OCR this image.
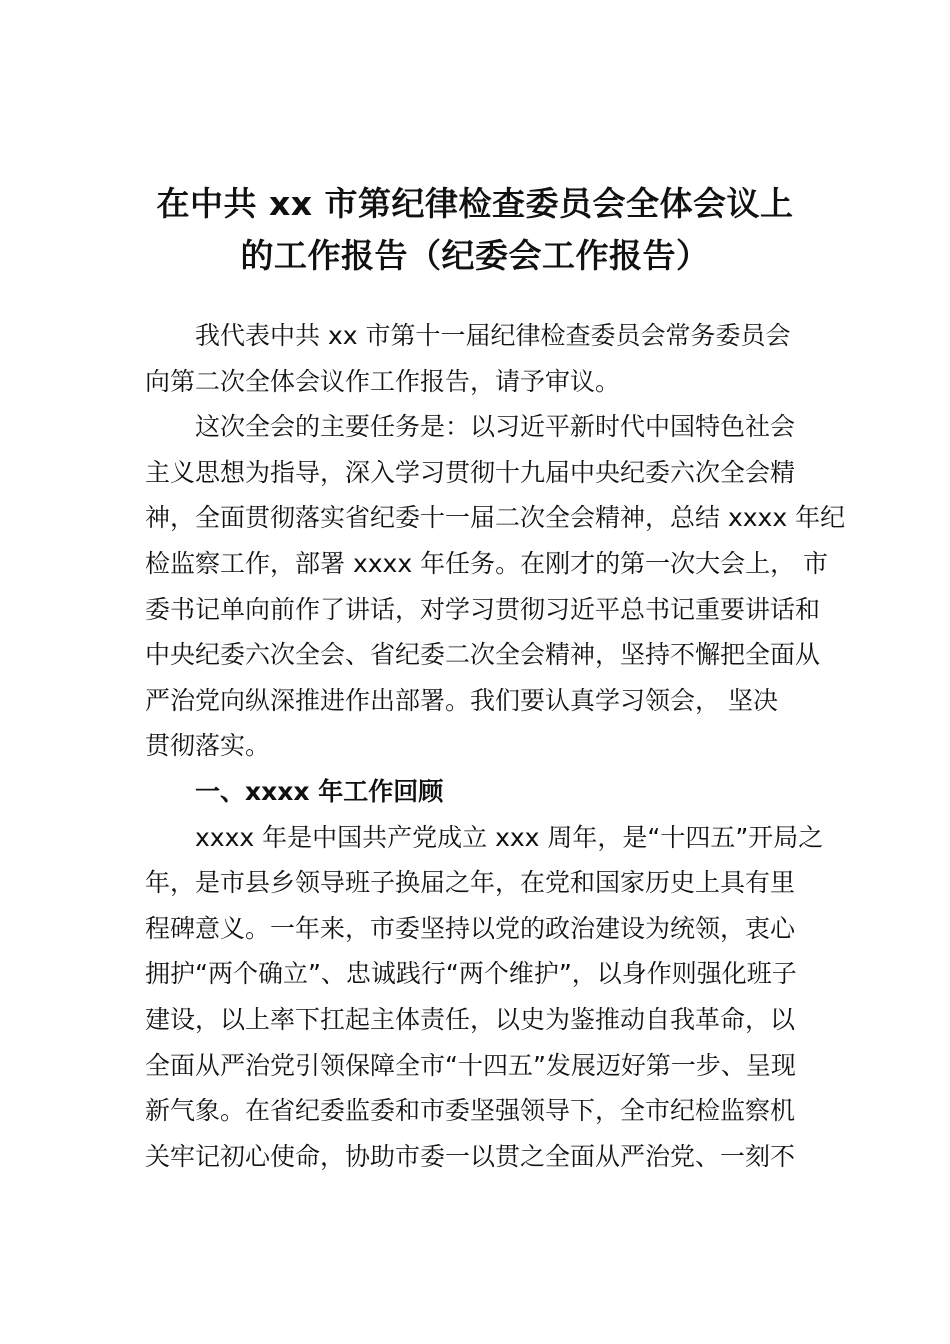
在中共 xx 市第纪律检查委员会全体会议上
的工作报告（纪委会工作报告）

我代表中共 xx 市第十一届纪律检查委员会常务委员会
向第二次全体会议作工作报告，请予审议。

这次全会的主要任务是：以习近平新时代中国特色社会
主义思想为指导，深入学习贯彻十九届中央纪委六次全会精
神，全面贯彻落实省纪委十一届二次全会精神，总结 xxxx 年纪
检监察工作，部署 xxxx 年任务。在刚才的第一次大会上， 市
委书记单向前作了讲话，对学习贯彻习近平总书记重要讲话和
中央纪委六次全会、省纪委二次全会精神，坚持不懈把全面从
严治党向纵深推进作出部署。我们要认真学习领会， 坚决
贯彻落实。

一、xxxx 年工作回顾

xxxx 年是中国共产党成立 xxx 周年，是“十四五”开局之
年，是市县乡领导班子换届之年，在党和国家历史上具有里
程碑意义。一年来，市委坚持以党的政治建设为统领，衷心
拥护“两个确立”、忠诚践行“两个维护”，以身作则强化班子
建设，以上率下扛起主体责任，以史为鉴推动自我革命，以
全面从严治党引领保障全市“十四五”发展迈好第一步、呈现
新气象。在省纪委监委和市委坚强领导下，全市纪检监察机
关牢记初心使命，协助市委一以贯之全面从严治党、一刻不
